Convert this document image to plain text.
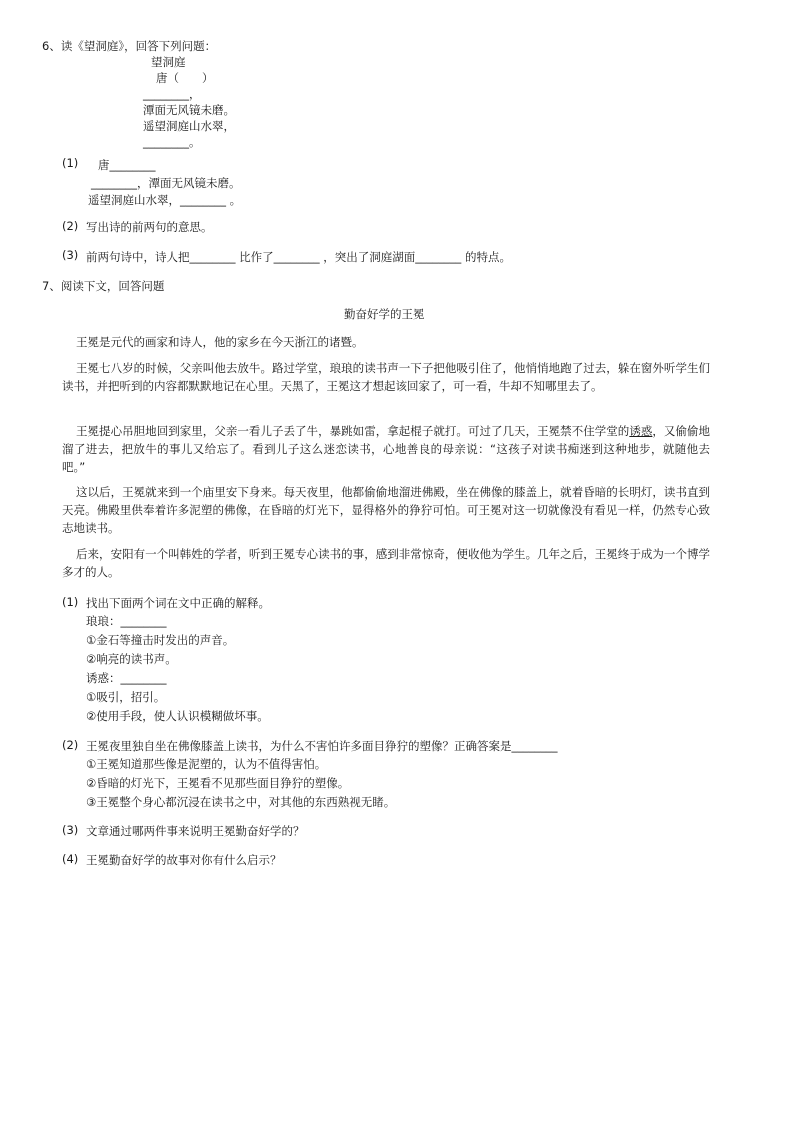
6、读《望洞庭》，回答下列问题：
望洞庭
唐（　　）
________，
潭面无风镜未磨。
遥望洞庭山水翠，
________。
(1) 唐________
________，潭面无风镜未磨。
遥望洞庭山水翠，________ 。
(2) 写出诗的前两句的意思。
(3) 前两句诗中，诗人把________ 比作了________ ，突出了洞庭湖面________ 的特点。
7、阅读下文，回答问题
勤奋好学的王冕
王冕是元代的画家和诗人，他的家乡在今天浙江的诸暨。
王冕七八岁的时候，父亲叫他去放牛。路过学堂，琅琅的读书声一下子把他吸引住了，他悄悄地跑了过去，躲在窗外听学生们读书，并把听到的内容都默默地记在心里。天黑了，王冕这才想起该回家了，可一看，牛却不知哪里去了。
王冕提心吊胆地回到家里，父亲一看儿子丢了牛，暴跳如雷，拿起棍子就打。可过了几天，王冕禁不住学堂的诱惑，又偷偷地溜了进去，把放牛的事儿又给忘了。看到儿子这么迷恋读书，心地善良的母亲说：“这孩子对读书痴迷到这种地步，就随他去吧。”
这以后，王冕就来到一个庙里安下身来。每天夜里，他都偷偷地溜进佛殿，坐在佛像的膝盖上，就着昏暗的长明灯，读书直到天亮。佛殿里供奉着许多泥塑的佛像，在昏暗的灯光下，显得格外的狰狞可怕。可王冕对这一切就像没有看见一样，仍然专心致志地读书。
后来，安阳有一个叫韩姓的学者，听到王冕专心读书的事，感到非常惊奇，便收他为学生。几年之后，王冕终于成为一个博学多才的人。
(1) 找出下面两个词在文中正确的解释。
琅琅：________
①金石等撞击时发出的声音。
②响亮的读书声。
诱惑：________
①吸引，招引。
②使用手段，使人认识模糊做坏事。
(2) 王冕夜里独自坐在佛像膝盖上读书，为什么不害怕许多面目狰狞的塑像？正确答案是________
①王冕知道那些像是泥塑的，认为不值得害怕。
②昏暗的灯光下，王冕看不见那些面目狰狞的塑像。
③王冕整个身心都沉浸在读书之中，对其他的东西熟视无睹。
(3) 文章通过哪两件事来说明王冕勤奋好学的？
(4) 王冕勤奋好学的故事对你有什么启示？
